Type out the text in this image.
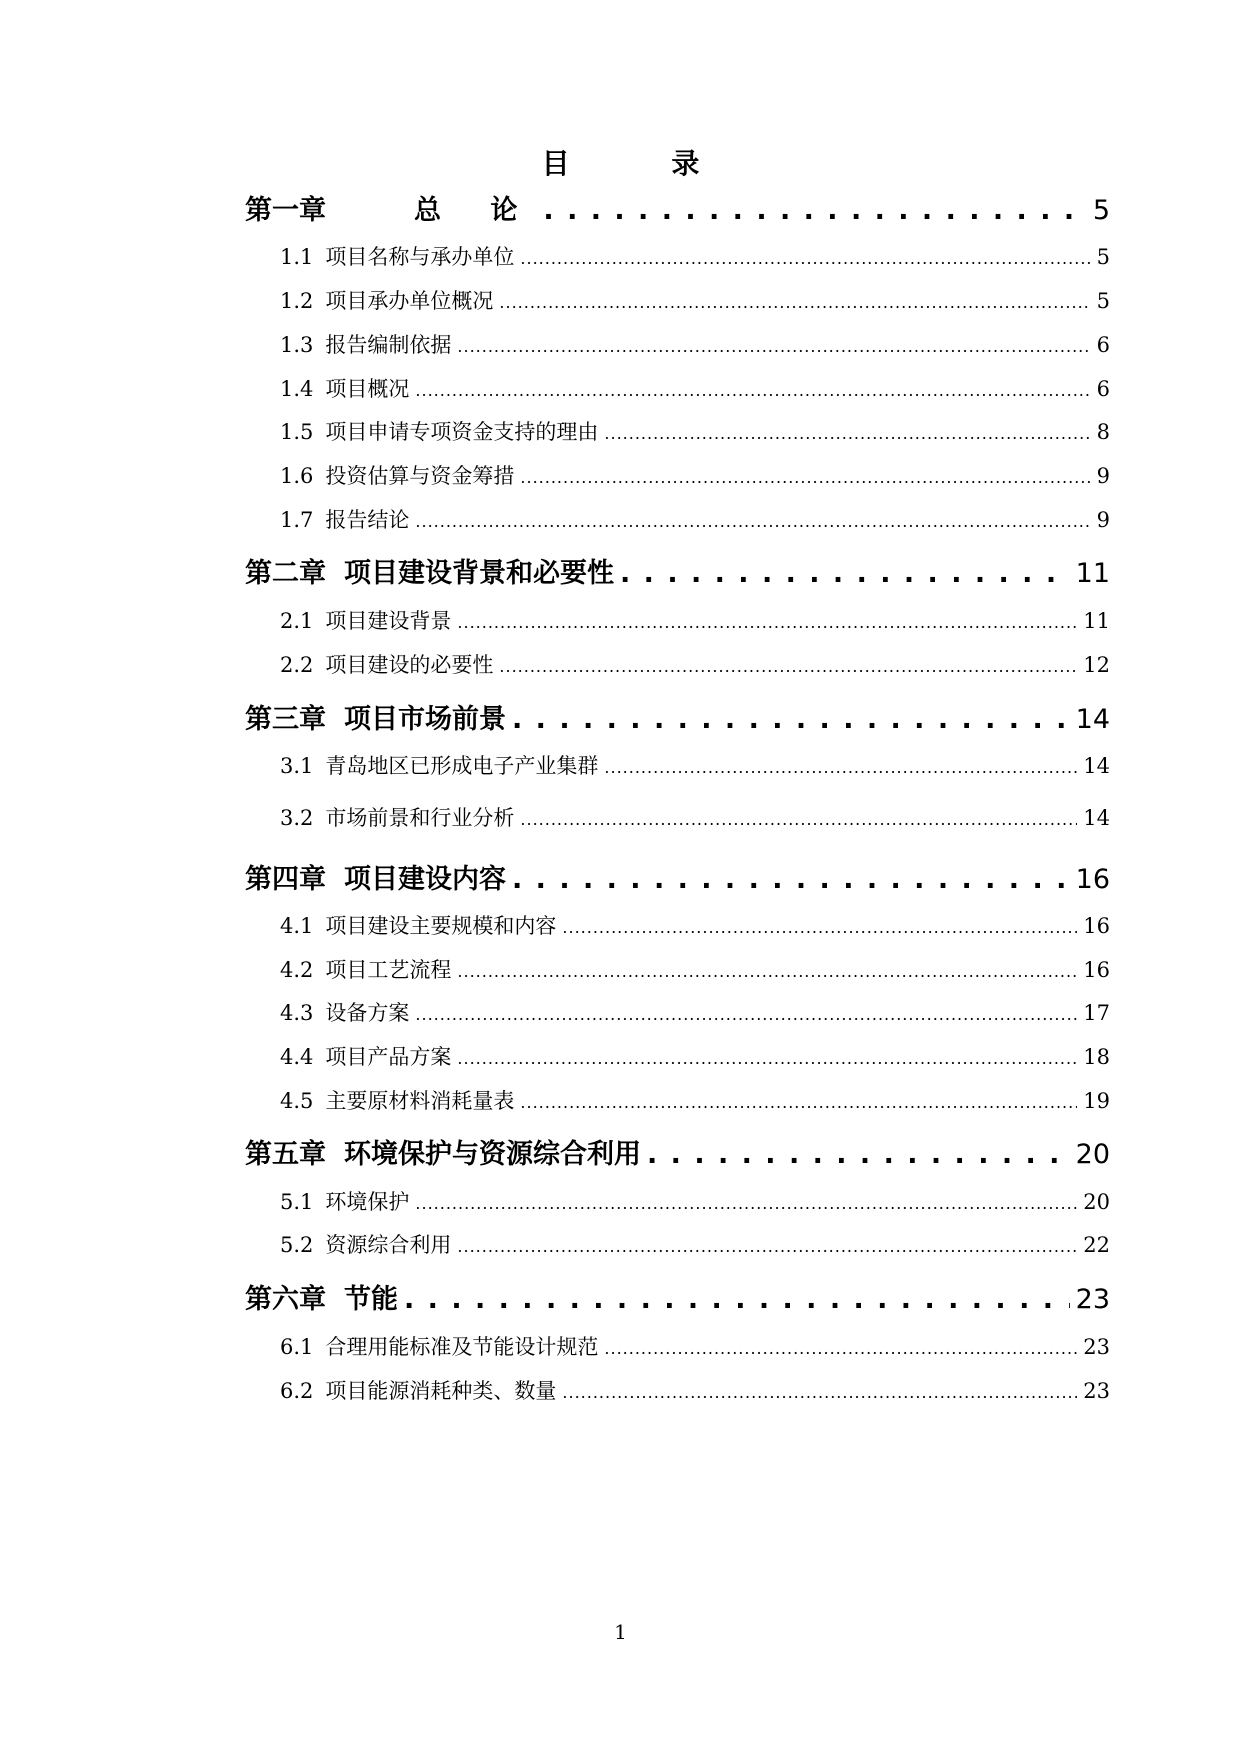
目 录
第一章	总 论 . . .	5
1.1 项目名称与承办单位 .....	5
1.2 项目承办单位概况 .....	5
1.3 报告编制依据 .....	6
1.4 项目概况 .....	6
1.5 项目申请专项资金支持的理由 .....	8
1.6 投资估算与资金筹措 .....	9
1.7 报告结论 .....	9
第二章 项目建设背景和必要性 . . .	11
2.1 项目建设背景 .....	11
2.2 项目建设的必要性 .....	12
第三章 项目市场前景 . . .	14
3.1 青岛地区已形成电子产业集群 .....	14
3.2 市场前景和行业分析 .....	14
第四章 项目建设内容 . . .	16
4.1 项目建设主要规模和内容 .....	16
4.2 项目工艺流程 .....	16
4.3 设备方案 .....	17
4.4 项目产品方案 .....	18
4.5 主要原材料消耗量表 .....	19
第五章 环境保护与资源综合利用 . . .	20
5.1 环境保护 .....	20
5.2 资源综合利用 .....	22
第六章 节能 . . .	23
6.1 合理用能标准及节能设计规范 .....	23
6.2 项目能源消耗种类、数量 .....	23
1
